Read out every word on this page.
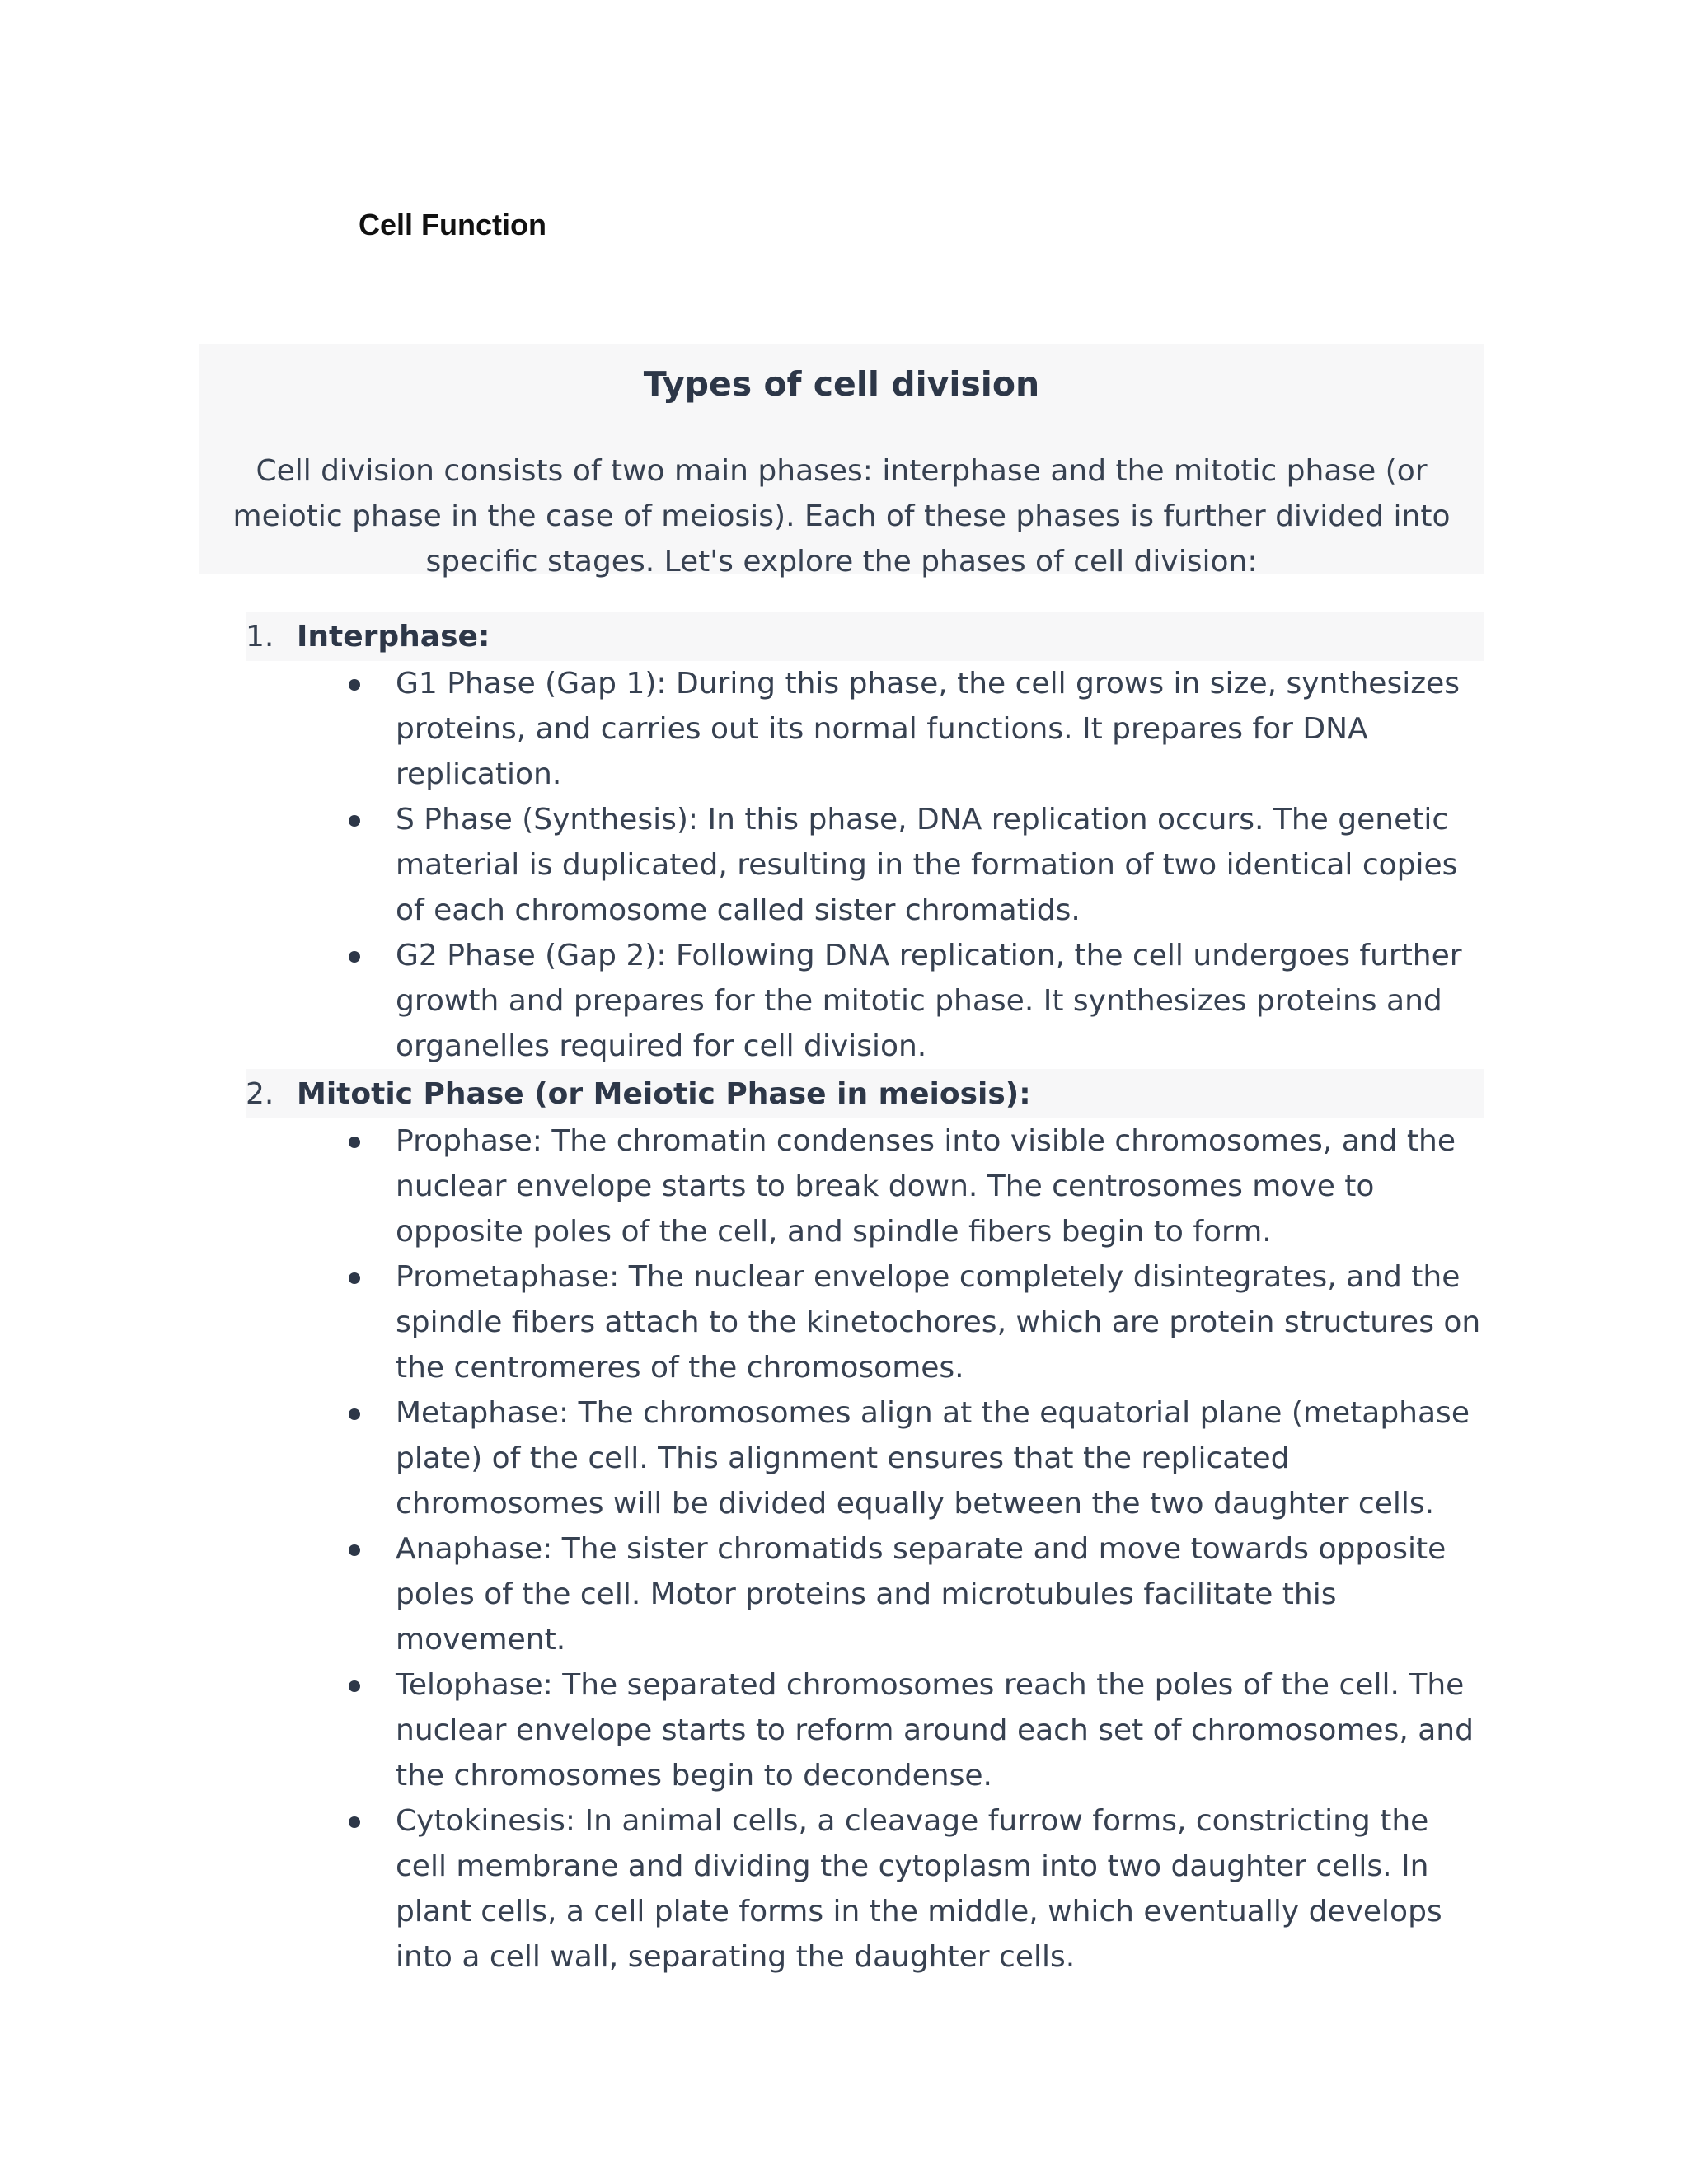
Cell Function
Types of cell division

Cell division consists of two main phases: interphase and the mitotic phase (or meiotic phase in the case of meiosis). Each of these phases is further divided into specific stages. Let's explore the phases of cell division:

1. Interphase:
G1 Phase (Gap 1): During this phase, the cell grows in size, synthesizes proteins, and carries out its normal functions. It prepares for DNA replication.
S Phase (Synthesis): In this phase, DNA replication occurs. The genetic material is duplicated, resulting in the formation of two identical copies of each chromosome called sister chromatids.
G2 Phase (Gap 2): Following DNA replication, the cell undergoes further growth and prepares for the mitotic phase. It synthesizes proteins and organelles required for cell division.
2. Mitotic Phase (or Meiotic Phase in meiosis):
Prophase: The chromatin condenses into visible chromosomes, and the nuclear envelope starts to break down. The centrosomes move to opposite poles of the cell, and spindle fibers begin to form.
Prometaphase: The nuclear envelope completely disintegrates, and the spindle fibers attach to the kinetochores, which are protein structures on the centromeres of the chromosomes.
Metaphase: The chromosomes align at the equatorial plane (metaphase plate) of the cell. This alignment ensures that the replicated chromosomes will be divided equally between the two daughter cells.
Anaphase: The sister chromatids separate and move towards opposite poles of the cell. Motor proteins and microtubules facilitate this movement.
Telophase: The separated chromosomes reach the poles of the cell. The nuclear envelope starts to reform around each set of chromosomes, and the chromosomes begin to decondense.
Cytokinesis: In animal cells, a cleavage furrow forms, constricting the cell membrane and dividing the cytoplasm into two daughter cells. In plant cells, a cell plate forms in the middle, which eventually develops into a cell wall, separating the daughter cells.
